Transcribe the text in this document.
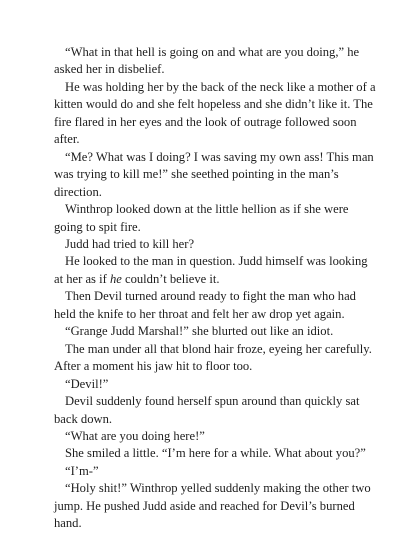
“What in that hell is going on and what are you doing,” he asked her in disbelief.

He was holding her by the back of the neck like a mother of a kitten would do and she felt hopeless and she didn’t like it. The fire flared in her eyes and the look of outrage followed soon after.

“Me? What was I doing? I was saving my own ass! This man was trying to kill me!” she seethed pointing in the man’s direction.

Winthrop looked down at the little hellion as if she were going to spit fire.

Judd had tried to kill her?

He looked to the man in question. Judd himself was looking at her as if he couldn’t believe it.

Then Devil turned around ready to fight the man who had held the knife to her throat and felt her aw drop yet again.

“Grange Judd Marshal!” she blurted out like an idiot.

The man under all that blond hair froze, eyeing her carefully. After a moment his jaw hit to floor too.

“Devil!”

Devil suddenly found herself spun around than quickly sat back down.

“What are you doing here!”

She smiled a little. “I’m here for a while. What about you?”

“I’m-”

“Holy shit!” Winthrop yelled suddenly making the other two jump. He pushed Judd aside and reached for Devil’s burned hand.
